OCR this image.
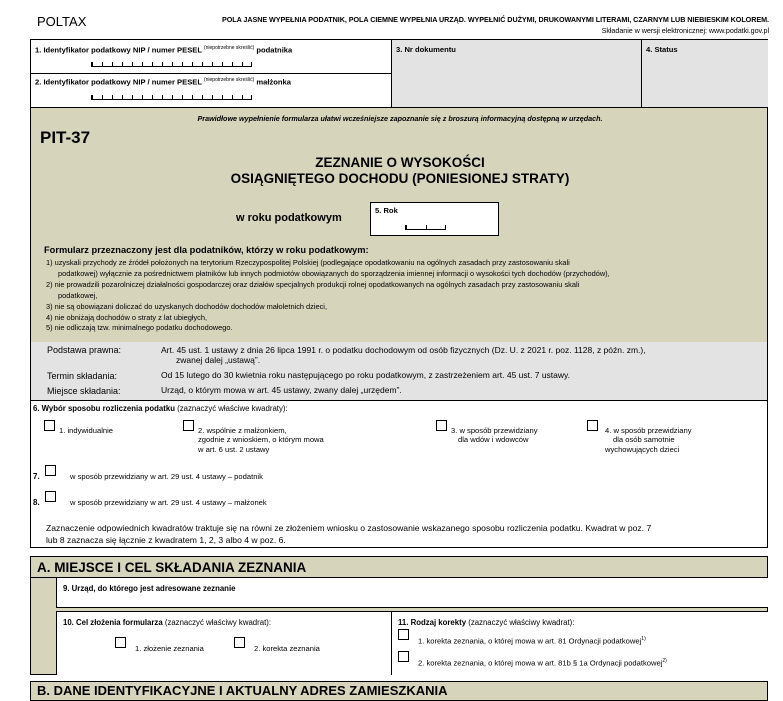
POLTAX	POLA JASNE WYPEŁNIA PODATNIK, POLA CIEMNE WYPEŁNIA URZĄD. WYPEŁNIĆ DUŻYMI, DRUKOWANYMI LITERAMI, CZARNYM LUB NIEBIESKIM KOLOREM.
Składanie w wersji elektronicznej: www.podatki.gov.pl
1. Identyfikator podatkowy NIP / numer PESEL $^{(niepotrzebne skreślić)}$ podatnika
2. Identyfikator podatkowy NIP / numer PESEL $^{(niepotrzebne skreślić)}$ małżonka
3. Nr dokumentu	4. Status
Prawidłowe wypełnienie formularza ułatwi wcześniejsze zapoznanie się z broszurą informacyjną dostępną w urzędach.
PIT-37
ZEZNANIE O WYSOKOŚCI
OSIĄGNIĘTEGO DOCHODU (PONIESIONEJ STRATY)
w roku podatkowym
5. Rok
Formularz przeznaczony jest dla podatników, którzy w roku podatkowym:
1) uzyskali przychody ze źródeł położonych na terytorium Rzeczypospolitej Polskiej (podlegające opodatkowaniu na ogólnych zasadach przy zastosowaniu skali
podatkowej) wyłącznie za pośrednictwem płatników lub innych podmiotów obowiązanych do sporządzenia imiennej informacji o wysokości tych dochodów (przychodów),
2) nie prowadzili pozarolniczej działalności gospodarczej oraz działów specjalnych produkcji rolnej opodatkowanych na ogólnych zasadach przy zastosowaniu skali
podatkowej,
3) nie są obowiązani doliczać do uzyskanych dochodów dochodów małoletnich dzieci,
4) nie obniżają dochodów o straty z lat ubiegłych,
5) nie odliczają tzw. minimalnego podatku dochodowego.
Podstawa prawna:	Art. 45 ust. 1 ustawy z dnia 26 lipca 1991 r. o podatku dochodowym od osób fizycznych (Dz. U. z 2021 r. poz. 1128, z późn. zm.),
zwanej dalej „ustawą”.
Termin składania:	Od 15 lutego do 30 kwietnia roku następującego po roku podatkowym, z zastrzeżeniem art. 45 ust. 7 ustawy.
Miejsce składania:	Urząd, o którym mowa w art. 45 ustawy, zwany dalej „urzędem”.
6. Wybór sposobu rozliczenia podatku (zaznaczyć właściwe kwadraty):
1. indywidualnie	2. wspólnie z małżonkiem,
zgodnie z wnioskiem, o którym mowa
w art. 6 ust. 2 ustawy
3. w sposób przewidziany
dla wdów i wdowców
4. w sposób przewidziany
dla osób samotnie
wychowujących dzieci
7.	w sposób przewidziany w art. 29 ust. 4 ustawy – podatnik
8.	w sposób przewidziany w art. 29 ust. 4 ustawy – małżonek
Zaznaczenie odpowiednich kwadratów traktuje się na równi ze złożeniem wniosku o zastosowanie wskazanego sposobu rozliczenia podatku. Kwadrat w poz. 7
lub 8 zaznacza się łącznie z kwadratem 1, 2, 3 albo 4 w poz. 6.
A. MIEJSCE I CEL SKŁADANIA ZEZNANIA
9. Urząd, do którego jest adresowane zeznanie
10. Cel złożenia formularza (zaznaczyć właściwy kwadrat):
1. złożenie zeznania	2. korekta zeznania
11. Rodzaj korekty (zaznaczyć właściwy kwadrat):
1. korekta zeznania, o której mowa w art. 81 Ordynacji podatkowej$^{1)}$
2. korekta zeznania, o której mowa w art. 81b § 1a Ordynacji podatkowej$^{2)}$
B. DANE IDENTYFIKACYJNE I AKTUALNY ADRES ZAMIESZKANIA
